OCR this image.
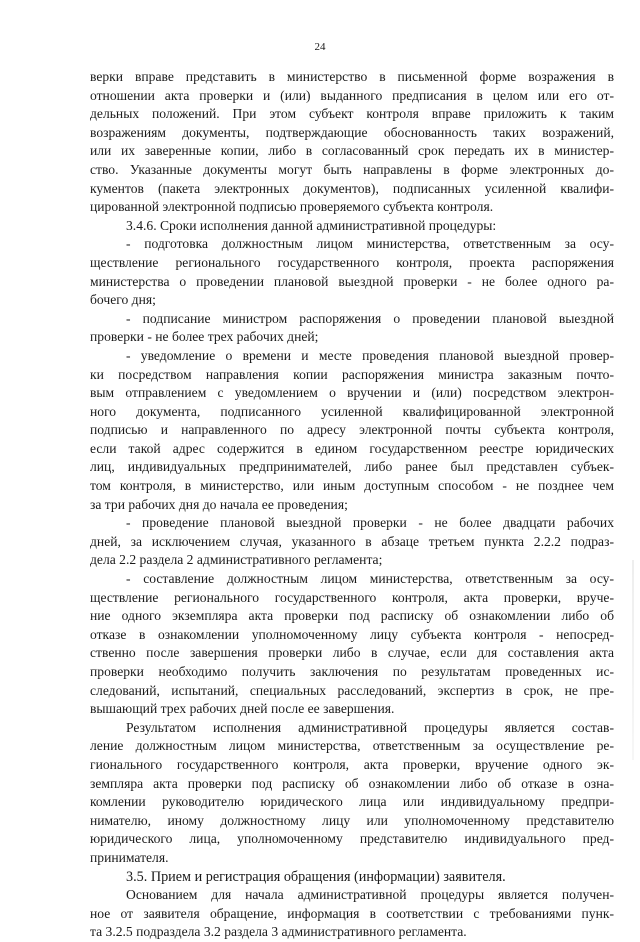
24
верки вправе представить в министерство в письменной форме возражения в
отношении акта проверки и (или) выданного предписания в целом или его от-
дельных положений. При этом субъект контроля вправе приложить к таким
возражениям документы, подтверждающие обоснованность таких возражений,
или их заверенные копии, либо в согласованный срок передать их в министер-
ство. Указанные документы могут быть направлены в форме электронных до-
кументов (пакета электронных документов), подписанных усиленной квалифи-
цированной электронной подписью проверяемого субъекта контроля.
3.4.6. Сроки исполнения данной административной процедуры:
- подготовка должностным лицом министерства, ответственным за осу-
ществление регионального государственного контроля, проекта распоряжения
министерства о проведении плановой выездной проверки - не более одного ра-
бочего дня;
- подписание министром распоряжения о проведении плановой выездной
проверки - не более трех рабочих дней;
- уведомление о времени и месте проведения плановой выездной провер-
ки посредством направления копии распоряжения министра заказным почто-
вым отправлением с уведомлением о вручении и (или) посредством электрон-
ного документа, подписанного усиленной квалифицированной электронной
подписью и направленного по адресу электронной почты субъекта контроля,
если такой адрес содержится в едином государственном реестре юридических
лиц, индивидуальных предпринимателей, либо ранее был представлен субъек-
том контроля, в министерство, или иным доступным способом - не позднее чем
за три рабочих дня до начала ее проведения;
- проведение плановой выездной проверки - не более двадцати рабочих
дней, за исключением случая, указанного в абзаце третьем пункта 2.2.2 подраз-
дела 2.2 раздела 2 административного регламента;
- составление должностным лицом министерства, ответственным за осу-
ществление регионального государственного контроля, акта проверки, вруче-
ние одного экземпляра акта проверки под расписку об ознакомлении либо об
отказе в ознакомлении уполномоченному лицу субъекта контроля - непосред-
ственно после завершения проверки либо в случае, если для составления акта
проверки необходимо получить заключения по результатам проведенных ис-
следований, испытаний, специальных расследований, экспертиз в срок, не пре-
вышающий трех рабочих дней после ее завершения.
Результатом исполнения административной процедуры является состав-
ление должностным лицом министерства, ответственным за осуществление ре-
гионального государственного контроля, акта проверки, вручение одного эк-
земпляра акта проверки под расписку об ознакомлении либо об отказе в озна-
комлении руководителю юридического лица или индивидуальному предпри-
нимателю, иному должностному лицу или уполномоченному представителю
юридического лица, уполномоченному представителю индивидуального пред-
принимателя.
3.5. Прием и регистрация обращения (информации) заявителя.
Основанием для начала административной процедуры является получен-
ное от заявителя обращение, информация в соответствии с требованиями пунк-
та 3.2.5 подраздела 3.2 раздела 3 административного регламента.
